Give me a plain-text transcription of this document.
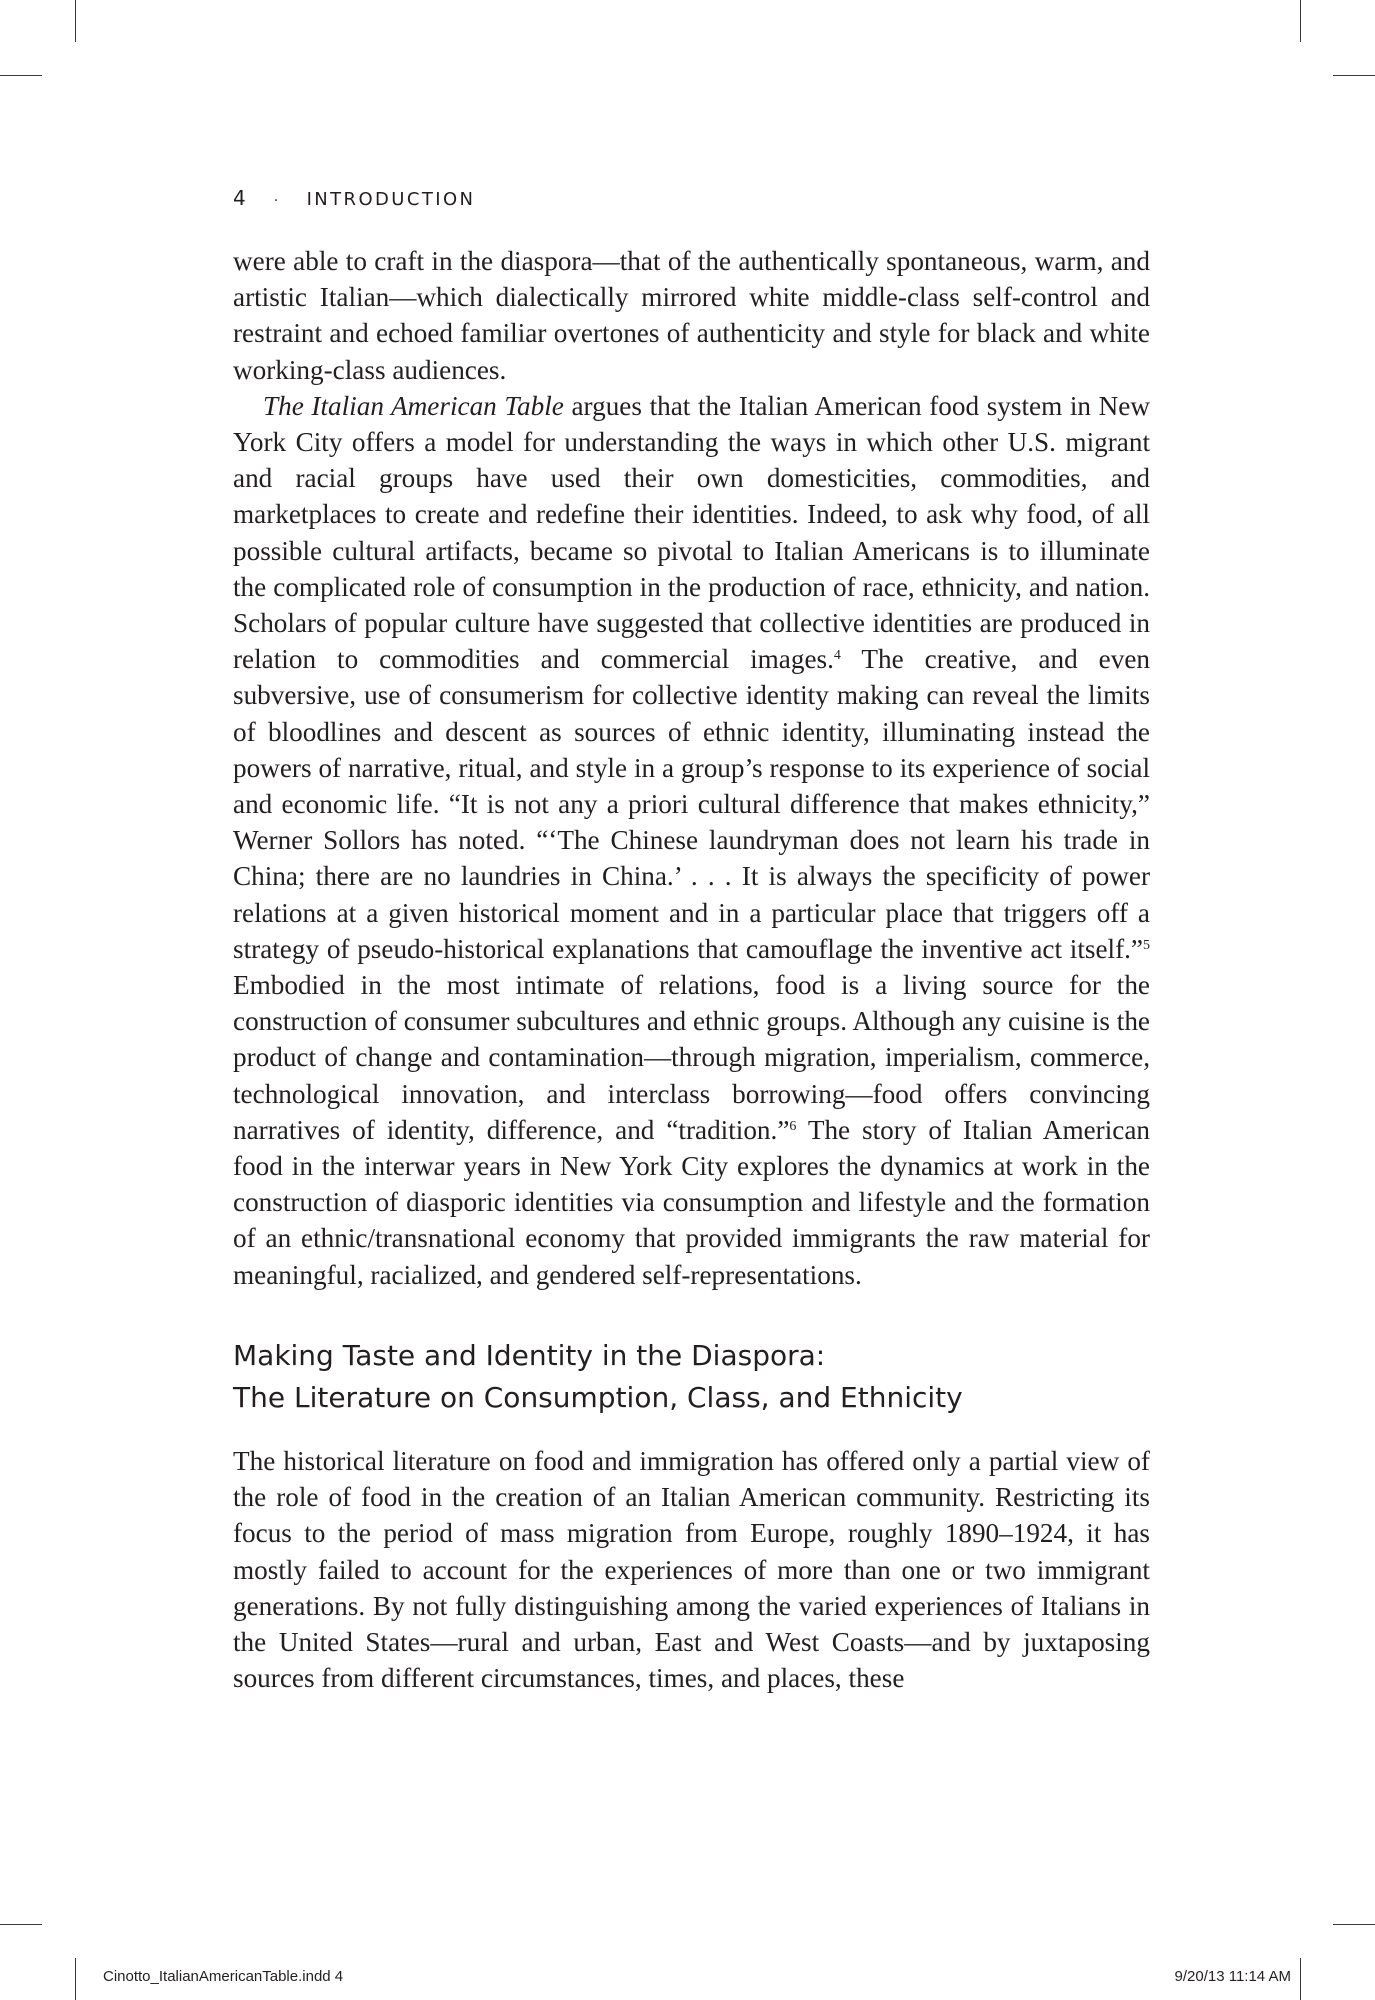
4 · INTRODUCTION

were able to craft in the diaspora—that of the authentically spontaneous, warm, and artistic Italian—which dialectically mirrored white middle-class self-control and restraint and echoed familiar overtones of authenticity and style for black and white working-class audiences.

The Italian American Table argues that the Italian American food system in New York City offers a model for understanding the ways in which other U.S. migrant and racial groups have used their own domesticities, commodities, and marketplaces to create and redefine their identities. Indeed, to ask why food, of all possible cultural artifacts, became so pivotal to Italian Americans is to illuminate the complicated role of consumption in the production of race, ethnicity, and nation. Scholars of popular culture have suggested that collective identities are produced in relation to commodities and commercial images.$^4$ The creative, and even subversive, use of consumerism for collective identity making can reveal the limits of bloodlines and descent as sources of ethnic identity, illuminating instead the powers of narrative, ritual, and style in a group’s response to its experience of social and economic life. “It is not any a priori cultural difference that makes ethnicity,” Werner Sollors has noted. “‘The Chinese laundryman does not learn his trade in China; there are no laundries in China.’ . . . It is always the specificity of power relations at a given historical moment and in a particular place that triggers off a strategy of pseudo-historical explanations that camouflage the inventive act itself.”$^5$ Embodied in the most intimate of relations, food is a living source for the construction of consumer subcultures and ethnic groups. Although any cuisine is the product of change and contamination—through migration, imperialism, commerce, technological innovation, and interclass borrowing—food offers convincing narratives of identity, difference, and “tradition.”$^6$ The story of Italian American food in the interwar years in New York City explores the dynamics at work in the construction of diasporic identities via consumption and lifestyle and the formation of an ethnic/transnational economy that provided immigrants the raw material for meaningful, racialized, and gendered self-representations.

Making Taste and Identity in the Diaspora:
The Literature on Consumption, Class, and Ethnicity

The historical literature on food and immigration has offered only a partial view of the role of food in the creation of an Italian American community. Restricting its focus to the period of mass migration from Europe, roughly 1890–1924, it has mostly failed to account for the experiences of more than one or two immigrant generations. By not fully distinguishing among the varied experiences of Italians in the United States—rural and urban, East and West Coasts—and by juxtaposing sources from different circumstances, times, and places, these

Cinotto_ItalianAmericanTable.indd 4	9/20/13 11:14 AM
